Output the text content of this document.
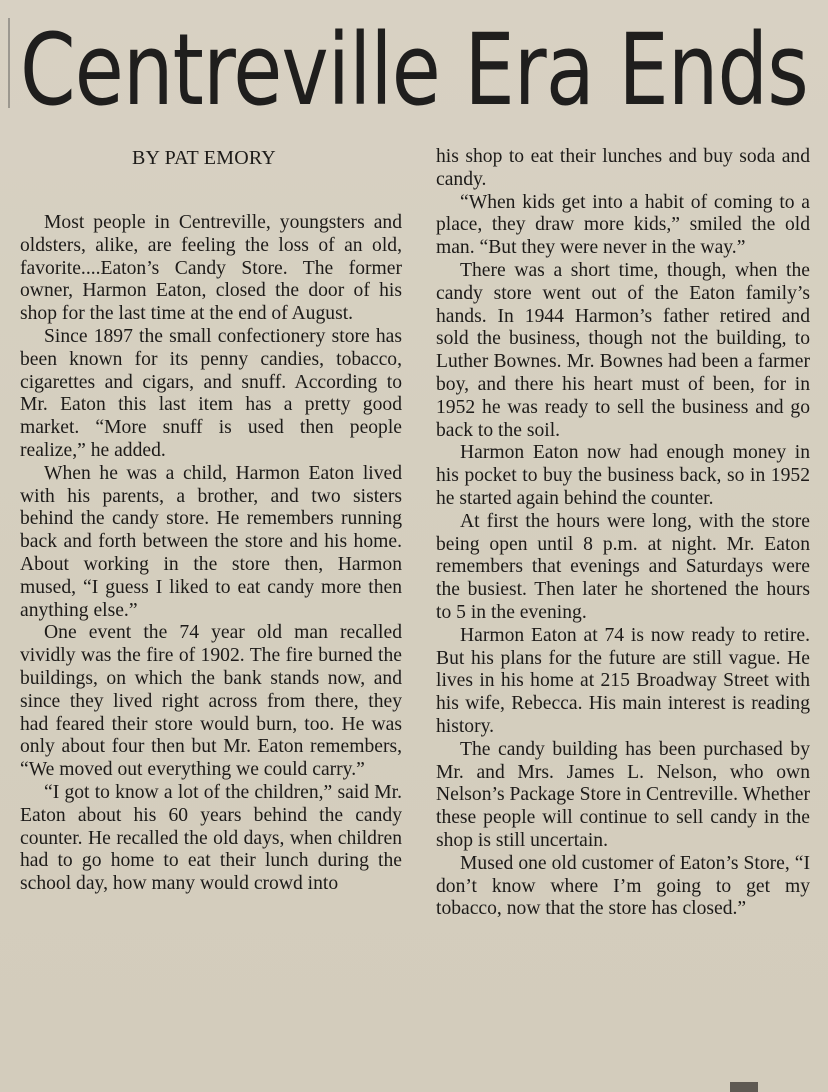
Centreville Era Ends
BY PAT EMORY

Most people in Centreville, youngsters and oldsters, alike, are feeling the loss of an old, favorite....Eaton’s Candy Store. The former owner, Harmon Eaton, closed the door of his shop for the last time at the end of August.

Since 1897 the small confectionery store has been known for its penny candies, tobacco, cigarettes and cigars, and snuff. According to Mr. Eaton this last item has a pretty good market. “More snuff is used then people realize,” he added.

When he was a child, Harmon Eaton lived with his parents, a brother, and two sisters behind the candy store. He remembers running back and forth between the store and his home. About working in the store then, Harmon mused, “I guess I liked to eat candy more then anything else.”

One event the 74 year old man recalled vividly was the fire of 1902. The fire burned the buildings, on which the bank stands now, and since they lived right across from there, they had feared their store would burn, too. He was only about four then but Mr. Eaton remembers, “We moved out everything we could carry.”

“I got to know a lot of the children,” said Mr. Eaton about his 60 years behind the candy counter. He recalled the old days, when children had to go home to eat their lunch during the school day, how many would crowd into

his shop to eat their lunches and buy soda and candy.

“When kids get into a habit of coming to a place, they draw more kids,” smiled the old man. “But they were never in the way.”

There was a short time, though, when the candy store went out of the Eaton family’s hands. In 1944 Harmon’s father retired and sold the business, though not the building, to Luther Bownes. Mr. Bownes had been a farmer boy, and there his heart must of been, for in 1952 he was ready to sell the business and go back to the soil.

Harmon Eaton now had enough money in his pocket to buy the business back, so in 1952 he started again behind the counter.

At first the hours were long, with the store being open until 8 p.m. at night. Mr. Eaton remembers that evenings and Saturdays were the busiest. Then later he shortened the hours to 5 in the evening.

Harmon Eaton at 74 is now ready to retire. But his plans for the future are still vague. He lives in his home at 215 Broadway Street with his wife, Rebecca. His main interest is reading history.

The candy building has been purchased by Mr. and Mrs. James L. Nelson, who own Nelson’s Package Store in Centreville. Whether these people will continue to sell candy in the shop is still uncertain.

Mused one old customer of Eaton’s Store, “I don’t know where I’m going to get my tobacco, now that the store has closed.”
